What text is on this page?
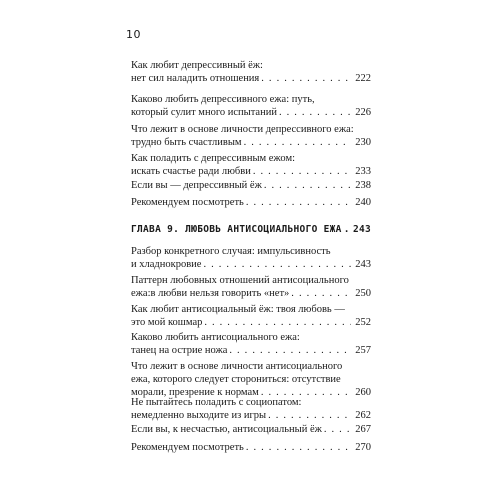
10
Как любит депрессивный ёж:
нет сил наладить отношения . . .	222
Каково любить депрессивного ежа: путь,
который сулит много испытаний . . .	226
Что лежит в основе личности депрессивного ежа:
трудно быть счастливым . . .	230
Как поладить с депрессивным ежом:
искать счастье ради любви . . .	233
Если вы — депрессивный ёж . . .	238
Рекомендуем посмотреть . . .	240
ГЛАВА 9. ЛЮБОВЬ АНТИСОЦИАЛЬНОГО ЕЖА ..... 243
Разбор конкретного случая: импульсивность
и хладнокровие . . .	243
Паттерн любовных отношений антисоциального
ежа:в любви нельзя говорить «нет» . . .	250
Как любит антисоциальный ёж: твоя любовь —
это мой кошмар . . .	252
Каково любить антисоциального ежа:
танец на острие ножа . . .	257
Что лежит в основе личности антисоциального
ежа, которого следует сторониться: отсутствие
морали, презрение к нормам . . .	260
Не пытайтесь поладить с социопатом:
немедленно выходите из игры . . .	262
Если вы, к несчастью, антисоциальный ёж . . .	267
Рекомендуем посмотреть . . .	270
